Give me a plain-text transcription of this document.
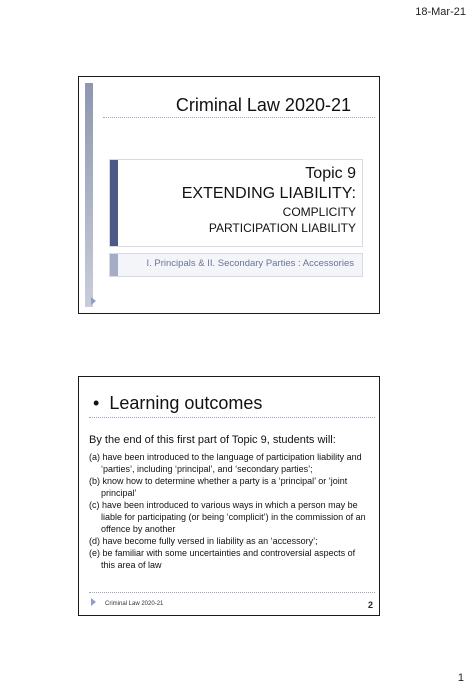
18-Mar-21
Criminal Law 2020-21
Topic 9
EXTENDING LIABILITY:
COMPLICITY
PARTICIPATION LIABILITY
I. Principals & II. Secondary Parties : Accessories
• Learning outcomes
By the end of this first part of Topic 9, students will:
(a) have been introduced to the language of participation liability and ‘parties’, including ‘principal’, and ‘secondary parties’;
(b) know how to determine whether a party is a ‘principal’ or ‘joint principal’
(c) have been introduced to various ways in which a person may be liable for participating (or being ‘complicit’) in the commission of an offence by another
(d) have become fully versed in liability as an ‘accessory’;
(e) be familiar with some uncertainties and controversial aspects of this area of law
Criminal Law 2020-21	2
1
